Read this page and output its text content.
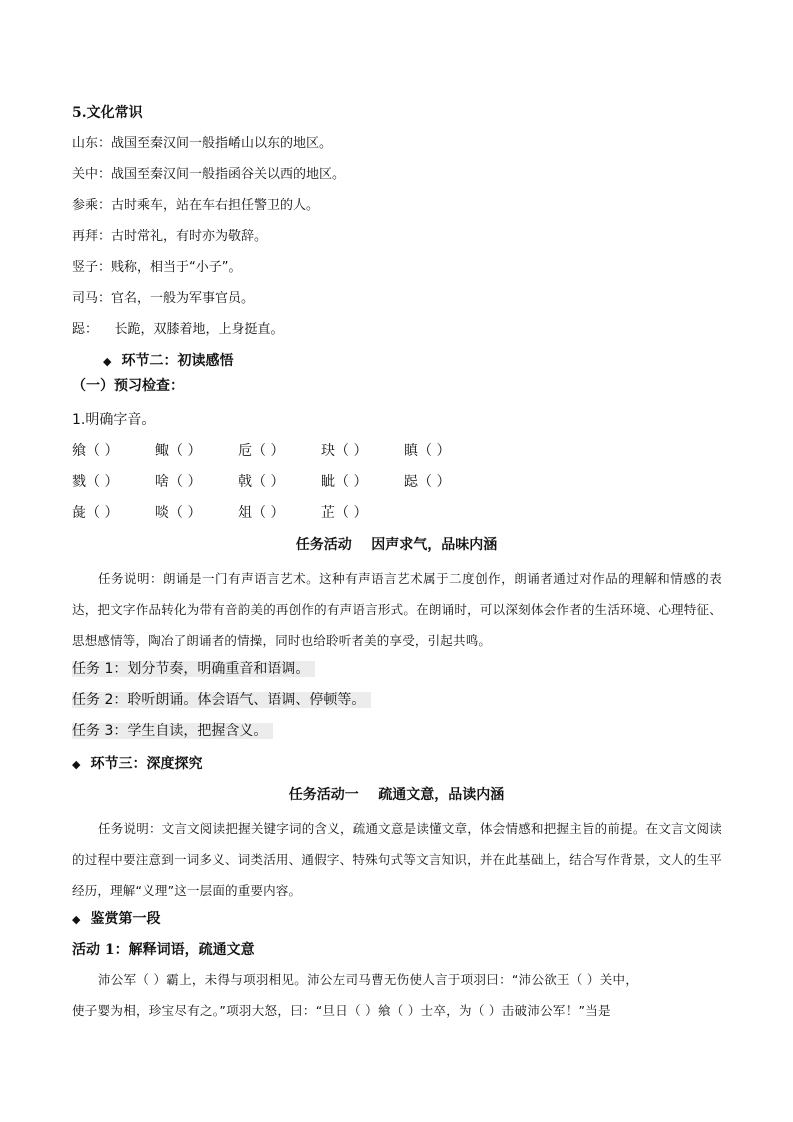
5.文化常识
山东：战国至秦汉间一般指崤山以东的地区。
关中：战国至秦汉间一般指函谷关以西的地区。
参乘：古时乘车，站在车右担任警卫的人。
再拜：古时常礼，有时亦为敬辞。
竖子：贱称，相当于“小子”。
司马：官名，一般为军事官员。
跽：    长跪，双膝着地，上身挺直。
◆ 环节二：初读感悟
（一）预习检查：
1.明确字音。
飨（ ）	鲰（ ）	卮（ ）	玦（ ）	瞋（ ）
戮（ ）	啥（ ）	戟（ ）	眦（ ）	跽（ ）
彘（ ）	啖（ ）	俎（ ）	芷（ ）
任务活动    因声求气，品味内涵
任务说明：朗诵是一门有声语言艺术。这种有声语言艺术属于二度创作，朗诵者通过对作品的理解和情感的表达，把文字作品转化为带有音韵美的再创作的有声语言形式。在朗诵时，可以深刻体会作者的生活环境、心理特征、思想感情等，陶冶了朗诵者的情操，同时也给聆听者美的享受，引起共鸣。
任务 1：划分节奏，明确重音和语调。
任务 2：聆听朗诵。体会语气、语调、停顿等。
任务 3：学生自读，把握含义。
◆ 环节三：深度探究
任务活动一    疏通文意，品读内涵
任务说明：文言文阅读把握关键字词的含义，疏通文意是读懂文章，体会情感和把握主旨的前提。在文言文阅读的过程中要注意到一词多义、词类活用、通假字、特殊句式等文言知识，并在此基础上，结合写作背景，文人的生平经历，理解“义理”这一层面的重要内容。
◆ 鉴赏第一段
活动 1：解释词语，疏通文意
沛公军（ ）霸上，未得与项羽相见。沛公左司马曹无伤使人言于项羽曰：“沛公欲王（ ）关中，
使子婴为相，珍宝尽有之。”项羽大怒，曰：“旦日（ ）飨（ ）士卒，为（ ）击破沛公军！”当是
